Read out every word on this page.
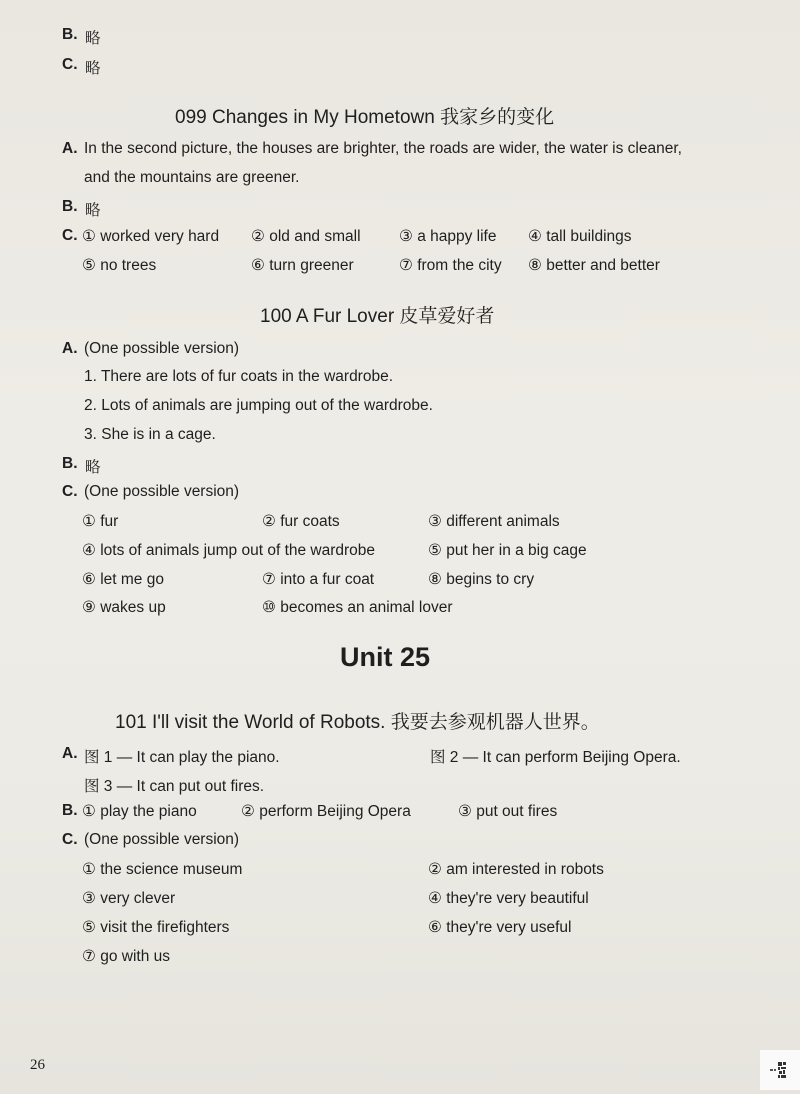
B. 略
C. 略
099 Changes in My Hometown 我家乡的变化
A. In the second picture, the houses are brighter, the roads are wider, the water is cleaner,
and the mountains are greener.
B. 略
C. ① worked very hard ② old and small ③ a happy life ④ tall buildings
⑤ no trees	⑥ turn greener	⑦ from the city ⑧ better and better
100 A Fur Lover 皮草爱好者
A. (One possible version)
1. There are lots of fur coats in the wardrobe.
2. Lots of animals are jumping out of the wardrobe.
3. She is in a cage.
B. 略
C. (One possible version)
① fur	② fur coats	③ different animals
④ lots of animals jump out of the wardrobe	⑤ put her in a big cage
⑥ let me go	⑦ into a fur coat	⑧ begins to cry
⑨ wakes up	⑩ becomes an animal lover
Unit 25
101 I'll visit the World of Robots. 我要去参观机器人世界。
A. 图 1 — It can play the piano.	图 2 — It can perform Beijing Opera.
图 3 — It can put out fires.
B. ① play the piano	② perform Beijing Opera	③ put out fires
C. (One possible version)
① the science museum	② am interested in robots
③ very clever	④ they're very beautiful
⑤ visit the firefighters	⑥ they're very useful
⑦ go with us
26
